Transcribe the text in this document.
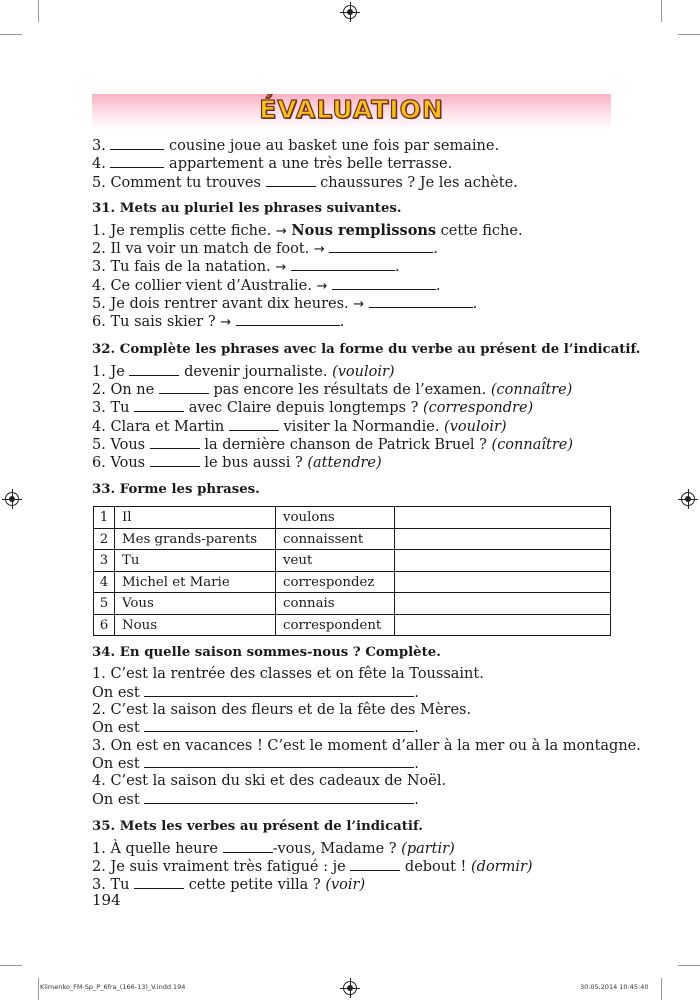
ÉVALUATION
3.	cousine joue au basket une fois par semaine.
4.	appartement a une très belle terrasse.
5. Comment tu trouves	chaussures ? Je les achète.
31. Mets au pluriel les phrases suivantes.
1. Je remplis cette fiche. → Nous remplissons cette fiche.
2. Il va voir un match de foot. →	.
3. Tu fais de la natation. →	.
4. Ce collier vient d’Australie. →	.
5. Je dois rentrer avant dix heures. →	.
6. Tu sais skier ? →	.
32. Complète les phrases avec la forme du verbe au présent de l’indicatif.
1. Je	devenir journaliste. (vouloir)
2. On ne	pas encore les résultats de l’examen. (connaître)
3. Tu	avec Claire depuis longtemps ? (correspondre)
4. Clara et Martin	visiter la Normandie. (vouloir)
5. Vous	la dernière chanson de Patrick Bruel ? (connaître)
6. Vous	le bus aussi ? (attendre)
33. Forme les phrases.
1	Il	voulons	
2	Mes grands-parents	connaissent	
3	Tu	veut	
4	Michel et Marie	correspondez	
5	Vous	connais	
6	Nous	correspondent	
34. En quelle saison sommes-nous ? Complète.
1. C’est la rentrée des classes et on fête la Toussaint.
On est	.
2. C’est la saison des fleurs et de la fête des Mères.
On est	.
3. On est en vacances ! C’est le moment d’aller à la mer ou à la montagne.
On est	.
4. C’est la saison du ski et des cadeaux de Noël.
On est	.
35. Mets les verbes au présent de l’indicatif.
1. À quelle heure	-vous, Madame ? (partir)
2. Je suis vraiment très fatigué : je	debout ! (dormir)
3. Tu	cette petite villa ? (voir)
194
Klimenko_FM-Sp_P_6fra_(166-13)_V.indd 194	30.05.2014 10:45:40
